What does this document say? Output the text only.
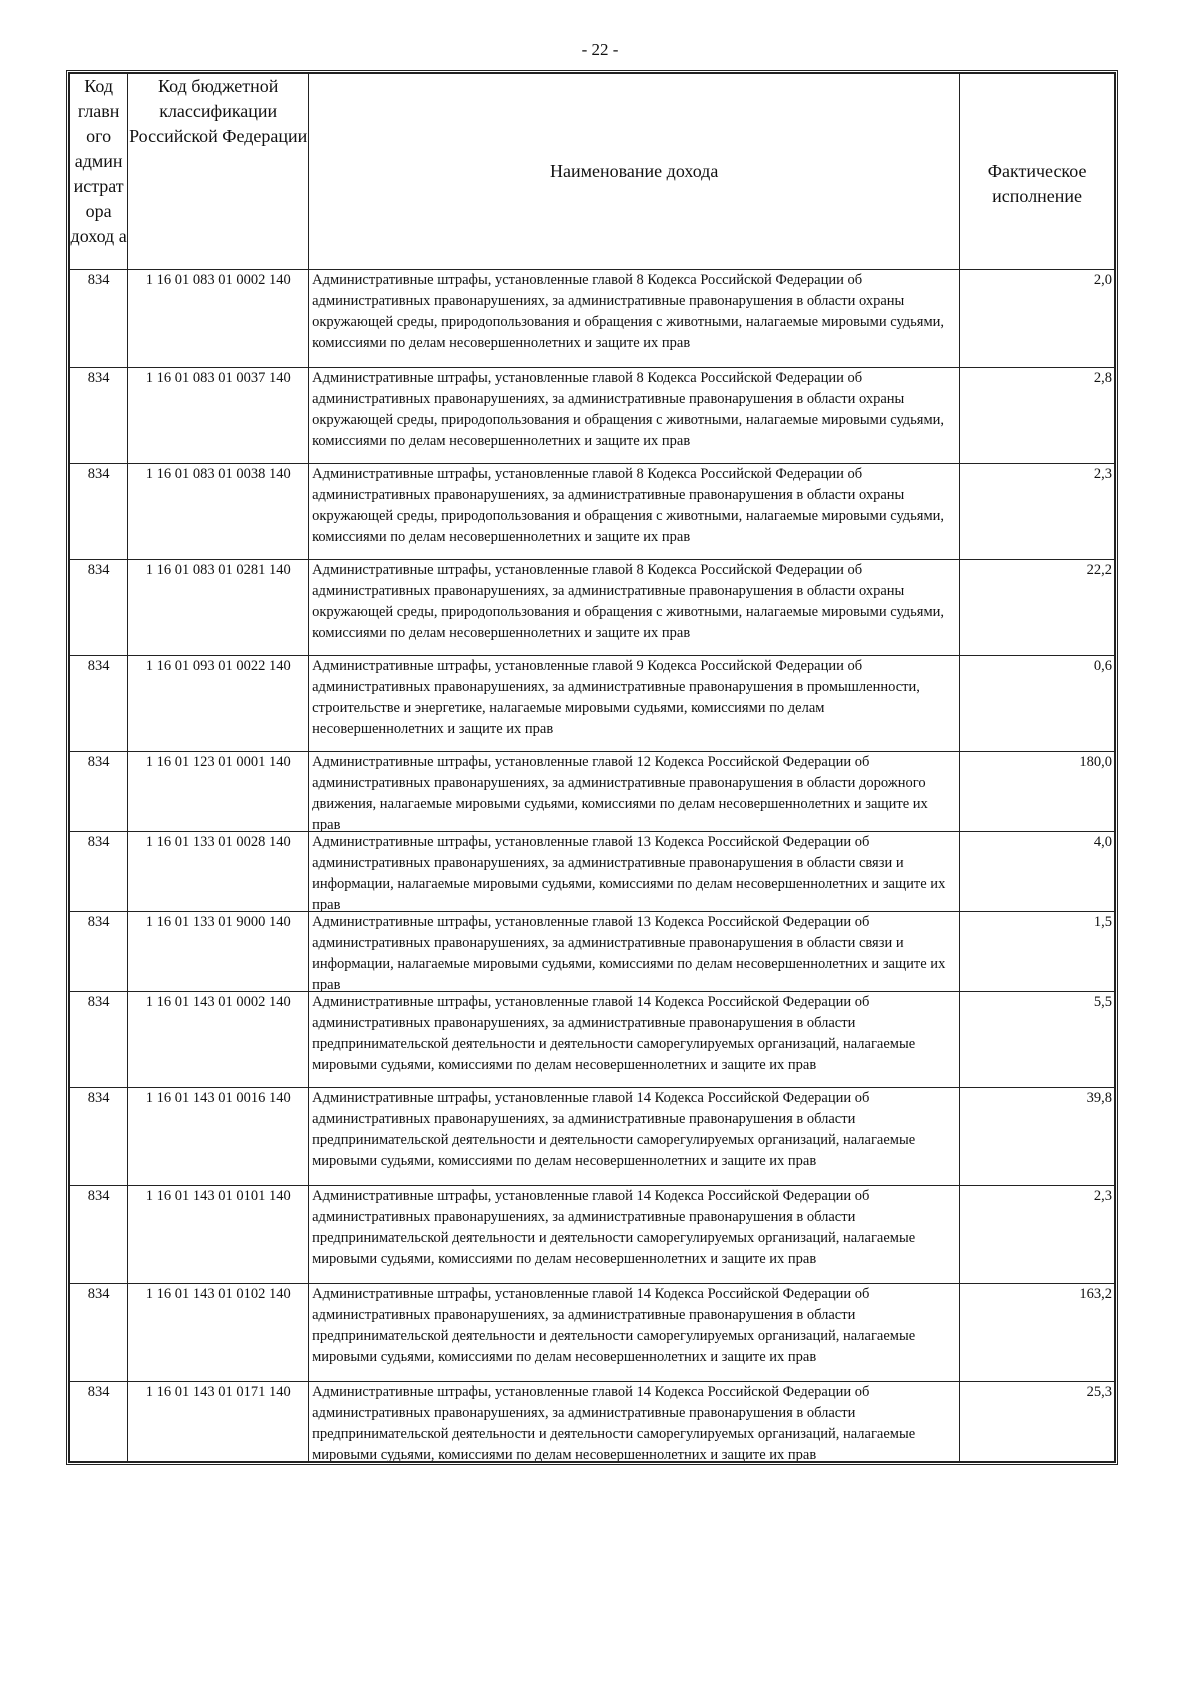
- 22 -
Код главн ого админ истрат ора доход а	Код бюджетной классификации Российской Федерации	Наименование дохода	Фактическое исполнение
834	1 16 01 083 01 0002 140	Административные штрафы, установленные главой 8 Кодекса Российской Федерации об административных правонарушениях, за административные правонарушения в области охраны окружающей среды, природопользования и обращения с животными, налагаемые мировыми судьями, комиссиями по делам несовершеннолетних и защите их прав	2,0
834	1 16 01 083 01 0037 140	Административные штрафы, установленные главой 8 Кодекса Российской Федерации об административных правонарушениях, за административные правонарушения в области охраны окружающей среды, природопользования и обращения с животными, налагаемые мировыми судьями, комиссиями по делам несовершеннолетних и защите их прав	2,8
834	1 16 01 083 01 0038 140	Административные штрафы, установленные главой 8 Кодекса Российской Федерации об административных правонарушениях, за административные правонарушения в области охраны окружающей среды, природопользования и обращения с животными, налагаемые мировыми судьями, комиссиями по делам несовершеннолетних и защите их прав	2,3
834	1 16 01 083 01 0281 140	Административные штрафы, установленные главой 8 Кодекса Российской Федерации об административных правонарушениях, за административные правонарушения в области охраны окружающей среды, природопользования и обращения с животными, налагаемые мировыми судьями, комиссиями по делам несовершеннолетних и защите их прав	22,2
834	1 16 01 093 01 0022 140	Административные штрафы, установленные главой 9 Кодекса Российской Федерации об административных правонарушениях, за административные правонарушения в промышленности, строительстве и энергетике, налагаемые мировыми судьями, комиссиями по делам несовершеннолетних и защите их прав	0,6
834	1 16 01 123 01 0001 140	Административные штрафы, установленные главой 12 Кодекса Российской Федерации об административных правонарушениях, за административные правонарушения в области дорожного движения, налагаемые мировыми судьями, комиссиями по делам несовершеннолетних и защите их прав	180,0
834	1 16 01 133 01 0028 140	Административные штрафы, установленные главой 13 Кодекса Российской Федерации об административных правонарушениях, за административные правонарушения в области связи и информации, налагаемые мировыми судьями, комиссиями по делам несовершеннолетних и защите их прав	4,0
834	1 16 01 133 01 9000 140	Административные штрафы, установленные главой 13 Кодекса Российской Федерации об административных правонарушениях, за административные правонарушения в области связи и информации, налагаемые мировыми судьями, комиссиями по делам несовершеннолетних и защите их прав	1,5
834	1 16 01 143 01 0002 140	Административные штрафы, установленные главой 14 Кодекса Российской Федерации об административных правонарушениях, за административные правонарушения в области предпринимательской деятельности и деятельности саморегулируемых организаций, налагаемые мировыми судьями, комиссиями по делам несовершеннолетних и защите их прав	5,5
834	1 16 01 143 01 0016 140	Административные штрафы, установленные главой 14 Кодекса Российской Федерации об административных правонарушениях, за административные правонарушения в области предпринимательской деятельности и деятельности саморегулируемых организаций, налагаемые мировыми судьями, комиссиями по делам несовершеннолетних и защите их прав	39,8
834	1 16 01 143 01 0101 140	Административные штрафы, установленные главой 14 Кодекса Российской Федерации об административных правонарушениях, за административные правонарушения в области предпринимательской деятельности и деятельности саморегулируемых организаций, налагаемые мировыми судьями, комиссиями по делам несовершеннолетних и защите их прав	2,3
834	1 16 01 143 01 0102 140	Административные штрафы, установленные главой 14 Кодекса Российской Федерации об административных правонарушениях, за административные правонарушения в области предпринимательской деятельности и деятельности саморегулируемых организаций, налагаемые мировыми судьями, комиссиями по делам несовершеннолетних и защите их прав	163,2
834	1 16 01 143 01 0171 140	Административные штрафы, установленные главой 14 Кодекса Российской Федерации об административных правонарушениях, за административные правонарушения в области предпринимательской деятельности и деятельности саморегулируемых организаций, налагаемые мировыми судьями, комиссиями по делам несовершеннолетних и защите их прав	25,3
